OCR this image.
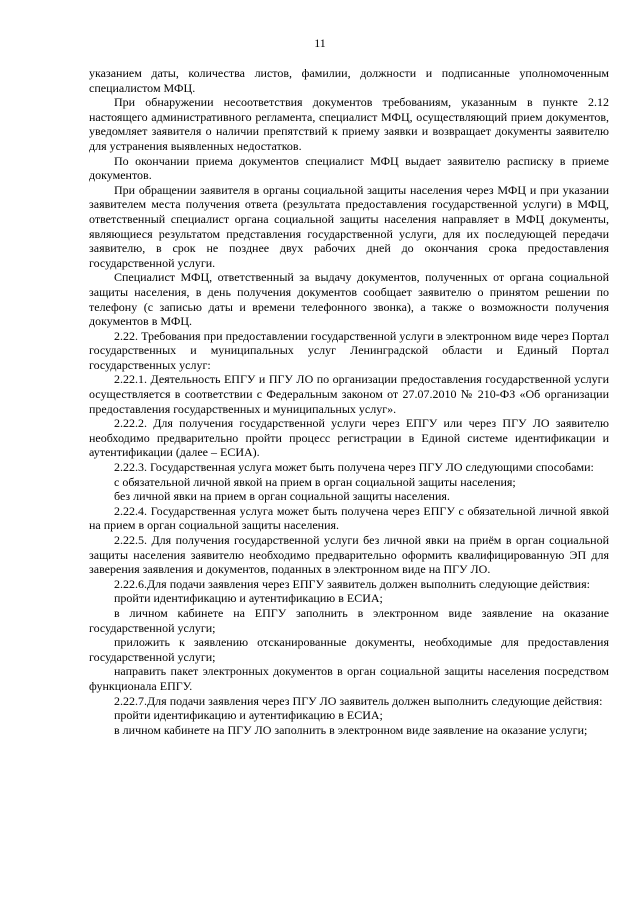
11

указанием даты, количества листов, фамилии, должности и подписанные уполномоченным специалистом МФЦ.

При обнаружении несоответствия документов требованиям, указанным в пункте 2.12 настоящего административного регламента, специалист МФЦ, осуществляющий прием документов, уведомляет заявителя о наличии препятствий к приему заявки и возвращает документы заявителю для устранения выявленных недостатков.

По окончании приема документов специалист МФЦ выдает заявителю расписку в приеме документов.

При обращении заявителя в органы социальной защиты населения через МФЦ и при указании заявителем места получения ответа (результата предоставления государственной услуги) в МФЦ, ответственный специалист органа социальной защиты населения направляет в МФЦ документы, являющиеся результатом представления государственной услуги, для их последующей передачи заявителю, в срок не позднее двух рабочих дней до окончания срока предоставления государственной услуги.

Специалист МФЦ, ответственный за выдачу документов, полученных от органа социальной защиты населения, в день получения документов сообщает заявителю о принятом решении по телефону (с записью даты и времени телефонного звонка), а также о возможности получения документов в МФЦ.

2.22. Требования при предоставлении государственной услуги в электронном виде через Портал государственных и муниципальных услуг Ленинградской области и Единый Портал государственных услуг:

2.22.1. Деятельность ЕПГУ и ПГУ ЛО по организации предоставления государственной услуги осуществляется в соответствии с Федеральным законом от 27.07.2010 № 210-ФЗ «Об организации предоставления государственных и муниципальных услуг».

2.22.2. Для получения государственной услуги через ЕПГУ или через ПГУ ЛО заявителю необходимо предварительно пройти процесс регистрации в Единой системе идентификации и аутентификации (далее – ЕСИА).

2.22.3. Государственная услуга может быть получена через ПГУ ЛО следующими способами:

с обязательной личной явкой на прием в орган социальной защиты населения;

без личной явки на прием в орган социальной защиты населения.

2.22.4. Государственная услуга может быть получена через ЕПГУ с обязательной личной явкой на прием в орган социальной защиты населения.

2.22.5. Для получения государственной услуги без личной явки на приём в орган социальной защиты населения заявителю необходимо предварительно оформить квалифицированную ЭП для заверения заявления и документов, поданных в электронном виде на ПГУ ЛО.

2.22.6.Для подачи заявления через ЕПГУ заявитель должен выполнить следующие действия:

пройти идентификацию и аутентификацию в ЕСИА;

в личном кабинете на ЕПГУ заполнить в электронном виде заявление на оказание государственной услуги;

приложить к заявлению отсканированные документы, необходимые для предоставления государственной услуги;

направить пакет электронных документов в орган социальной защиты населения посредством функционала ЕПГУ.

2.22.7.Для подачи заявления через ПГУ ЛО заявитель должен выполнить следующие действия:

пройти идентификацию и аутентификацию в ЕСИА;

в личном кабинете на ПГУ ЛО заполнить в электронном виде заявление на оказание услуги;
